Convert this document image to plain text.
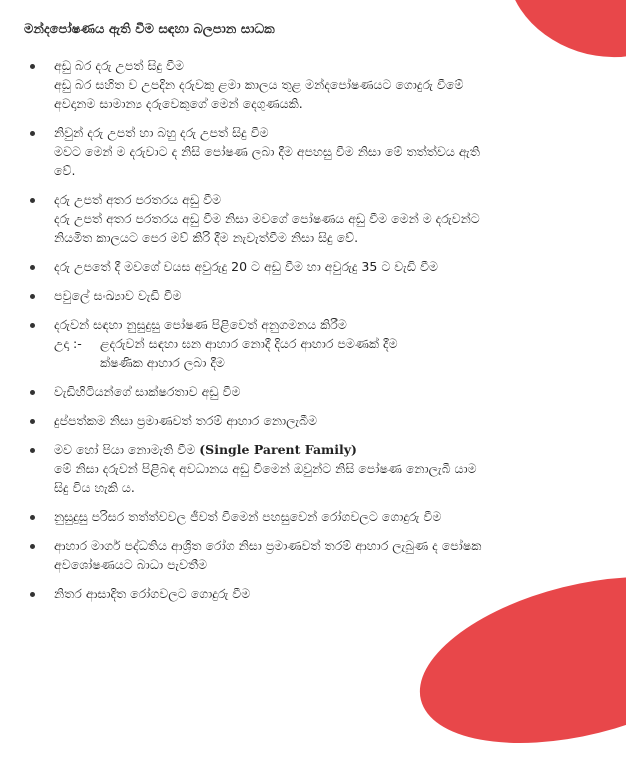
මන්දපෝෂණය ඇති වීම සඳහා බලපාන සාධක
අඩු බර දරු උපත් සිදු වීම
අඩු බර සහිත ව උපදින දරුවකු ළමා කාලය තුළ මන්දපෝෂණයට ගොදුරු වීමේ
අවදානම සාමාන්‍ය දරුවෙකුගේ මෙන් දෙගුණයකි.
නිවුන් දරු උපත් හා බහු දරු උපත් සිදු වීම
මවට මෙන් ම දරුවාට ද නිසි පෝෂණ ලබා දීම අපහසු වීම නිසා මේ තත්ත්වය ඇති
වේ.
දරු උපත් අතර පරතරය අඩු වීම
දරු උපත් අතර පරතරය අඩු වීම නිසා මවගේ පෝෂණය අඩු වීම මෙන් ම දරුවන්ට
නියමිත කාලයට පෙර මව් කිරි දීම නැවැත්වීම නිසා සිදු වේ.
දරු උපතේ දී මවගේ වයස අවුරුදු 20 ට අඩු වීම හා අවුරුදු 35 ට වැඩි වීම
පවුලේ සංඛ්‍යාව වැඩි වීම
දරුවන් සඳහා නුසුදුසු පෝෂණ පිළිවෙත් අනුගමනය කිරීම
උදා :- ළදරුවන් සඳහා ඝන ආහාර නොදී දියර ආහාර පමණක් දීම
ක්ෂණික ආහාර ලබා දීම
වැඩිහිටියන්ගේ සාක්ෂරතාව අඩු වීම
දුප්පත්කම නිසා ප්‍රමාණවත් තරම් ආහාර නොලැබීම
මව හෝ පියා නොමැති වීම (Single Parent Family)
මේ නිසා දරුවන් පිළිබඳ අවධානය අඩු වීමෙන් ඔවුන්ට නිසි පෝෂණ නොලැබී යාම
සිදු විය හැකි ය.
නුසුදුසු පරිසර තත්ත්වවල ජීවත් වීමෙන් පහසුවෙන් රෝගවලට ගොදුරු වීම
ආහාර මාර්ග පද්ධතිය ආශ්‍රිත රෝග නිසා ප්‍රමාණවත් තරම් ආහාර ලැබුණ ද පෝෂක
අවශෝෂණයට බාධා පැවතීම
නිතර ආසාදිත රෝගවලට ගොදුරු වීම
